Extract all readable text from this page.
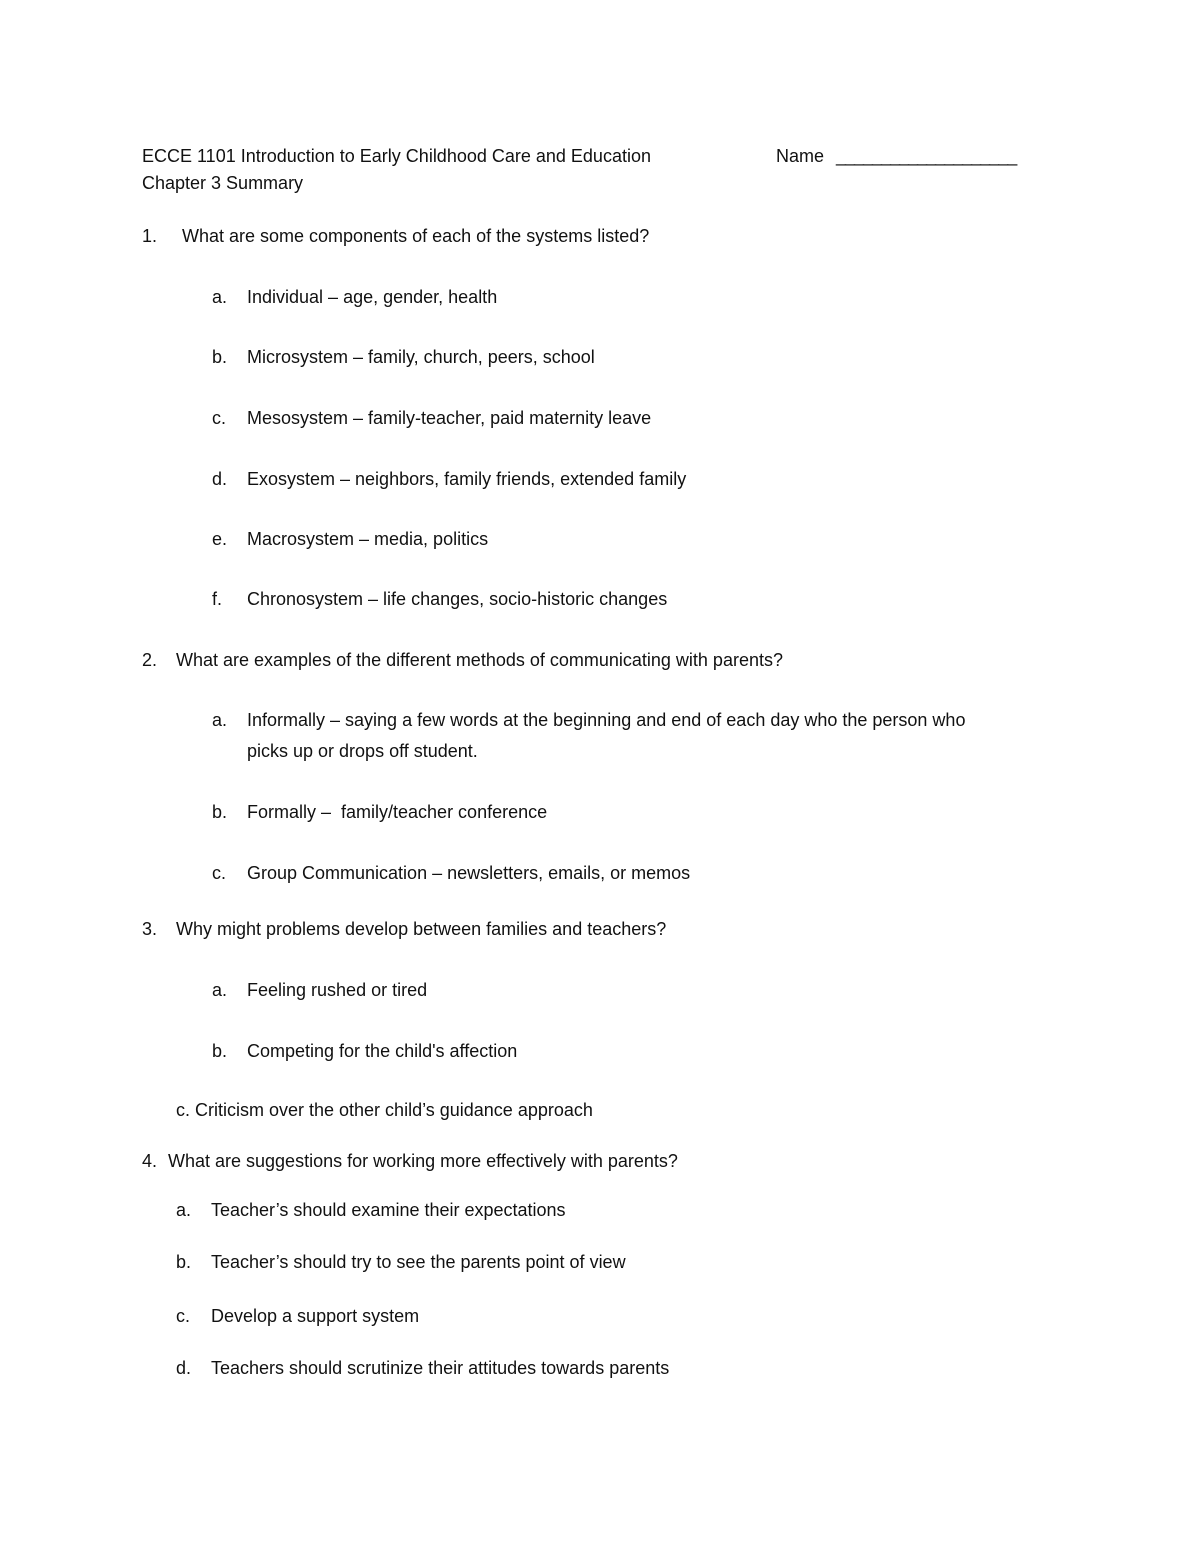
ECCE 1101 Introduction to Early Childhood Care and Education	Name ____________________
Chapter 3 Summary
1. What are some components of each of the systems listed?
a. Individual – age, gender, health
b. Microsystem – family, church, peers, school
c. Mesosystem – family-teacher, paid maternity leave
d. Exosystem – neighbors, family friends, extended family
e. Macrosystem – media, politics
f. Chronosystem – life changes, socio-historic changes
2. What are examples of the different methods of communicating with parents?
a. Informally – saying a few words at the beginning and end of each day who the person who
picks up or drops off student.
b. Formally –  family/teacher conference
c. Group Communication – newsletters, emails, or memos
3. Why might problems develop between families and teachers?
a. Feeling rushed or tired
b. Competing for the child's affection
c. Criticism over the other child’s guidance approach
4. What are suggestions for working more effectively with parents?
a. Teacher’s should examine their expectations
b. Teacher’s should try to see the parents point of view
c. Develop a support system
d. Teachers should scrutinize their attitudes towards parents
